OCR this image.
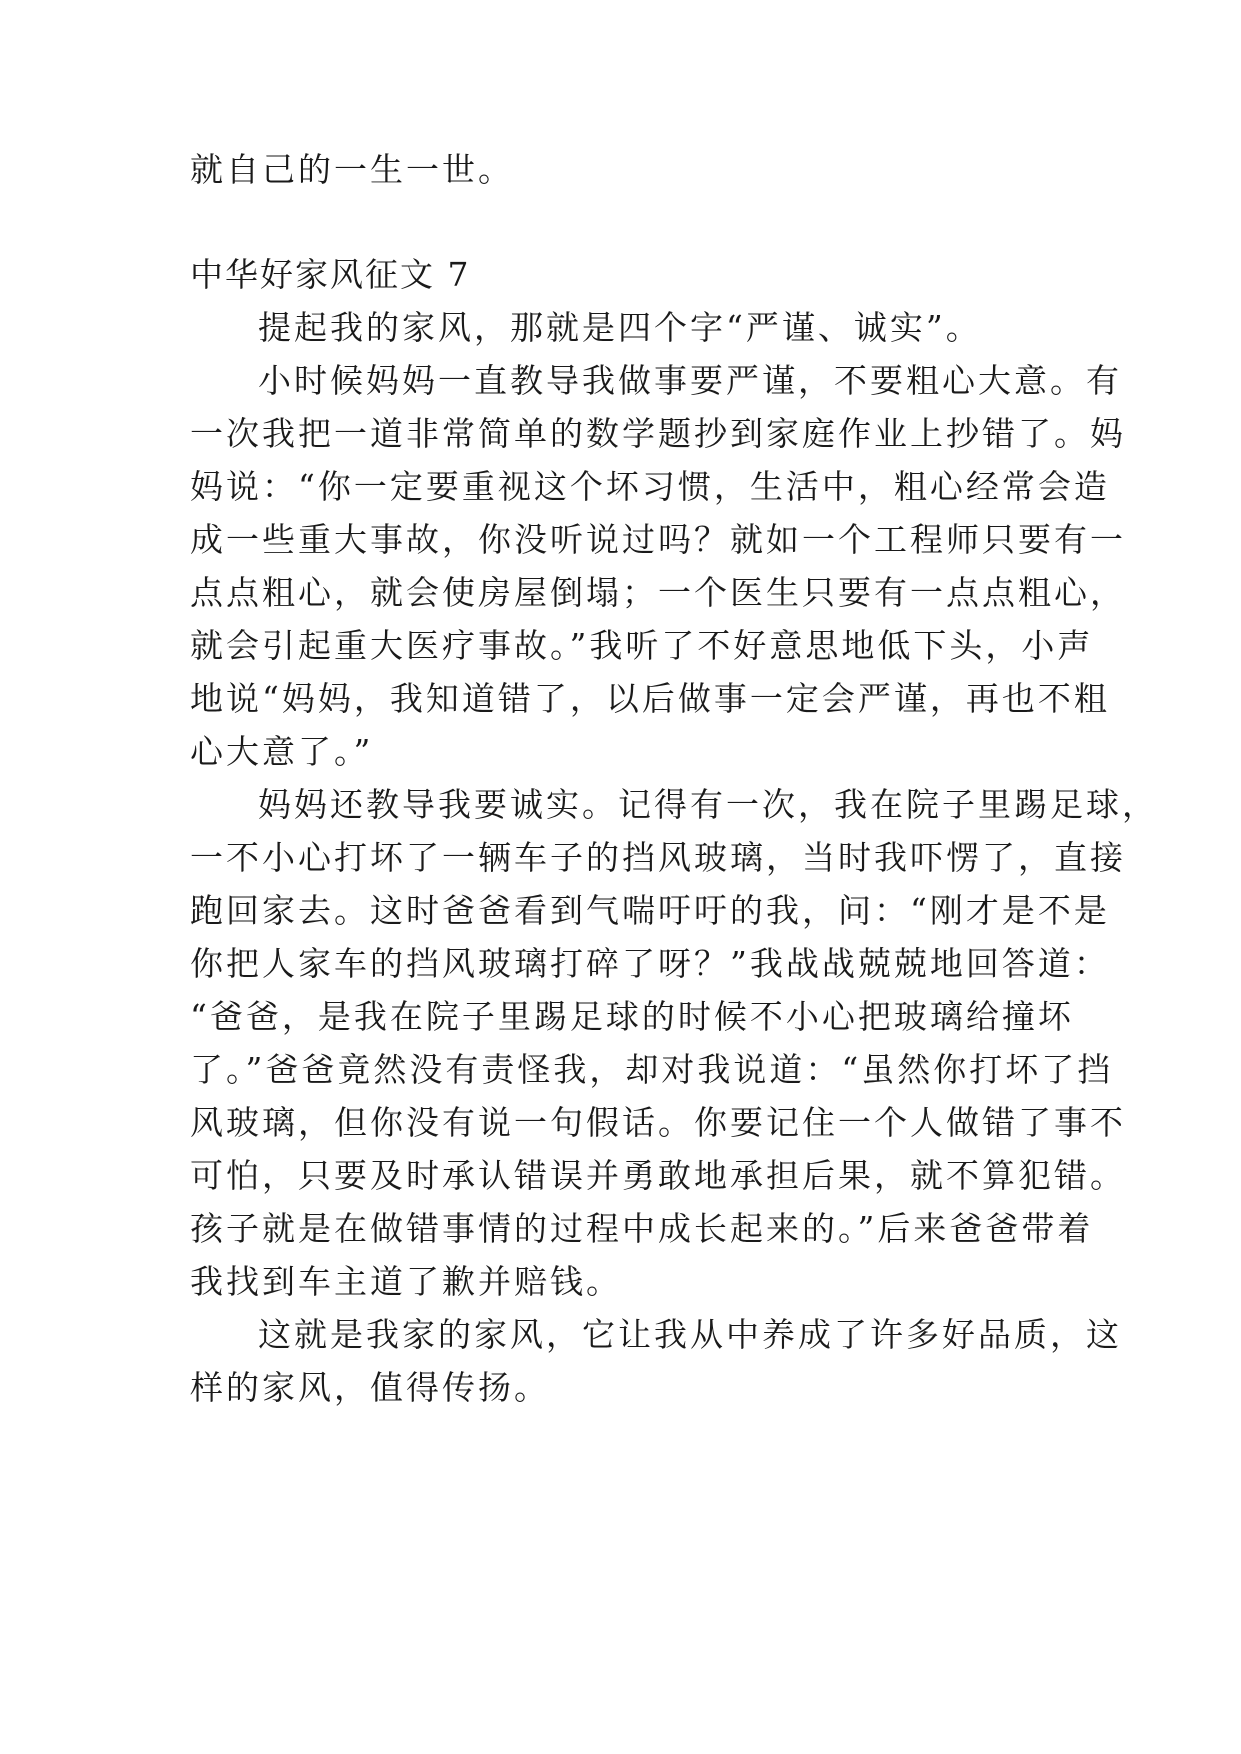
就自己的一生一世。

中华好家风征文 7

提起我的家风，那就是四个字“严谨、诚实”。

小时候妈妈一直教导我做事要严谨，不要粗心大意。有

一次我把一道非常简单的数学题抄到家庭作业上抄错了。妈

妈说：“你一定要重视这个坏习惯，生活中，粗心经常会造

成一些重大事故，你没听说过吗？就如一个工程师只要有一

点点粗心，就会使房屋倒塌；一个医生只要有一点点粗心，

就会引起重大医疗事故。”我听了不好意思地低下头，小声

地说“妈妈，我知道错了，以后做事一定会严谨，再也不粗

心大意了。”

妈妈还教导我要诚实。记得有一次，我在院子里踢足球，

一不小心打坏了一辆车子的挡风玻璃，当时我吓愣了，直接

跑回家去。这时爸爸看到气喘吁吁的我，问：“刚才是不是

你把人家车的挡风玻璃打碎了呀？”我战战兢兢地回答道：

“爸爸，是我在院子里踢足球的时候不小心把玻璃给撞坏

了。”爸爸竟然没有责怪我，却对我说道：“虽然你打坏了挡

风玻璃，但你没有说一句假话。你要记住一个人做错了事不

可怕，只要及时承认错误并勇敢地承担后果，就不算犯错。

孩子就是在做错事情的过程中成长起来的。”后来爸爸带着

我找到车主道了歉并赔钱。

这就是我家的家风，它让我从中养成了许多好品质，这

样的家风，值得传扬。
